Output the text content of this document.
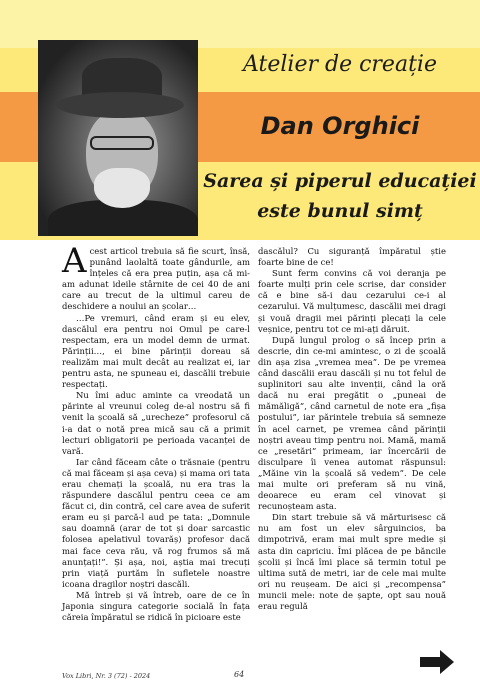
Atelier de creație
Dan Orghici
Sarea și piperul educației
este bunul simț

Acest articol trebuia să fie scurt, însă, punând laolaltă toate gândurile, am înțeles că era prea puțin, așa că mi-am adunat ideile stârnite de cei 40 de ani care au trecut de la ultimul careu de deschidere a noului an școlar…

…Pe vremuri, când eram și eu elev, dascălul era pentru noi Omul pe care-l respectam, era un model demn de urmat. Părinții…, ei bine părinții doreau să realizăm mai mult decât au realizat ei, iar pentru asta, ne spuneau ei, dascălii trebuie respectați.

Nu îmi aduc aminte ca vreodată un părinte al vreunui coleg de-al nostru să fi venit la școală să „urecheze” profesorul că i-a dat o notă prea mică sau că a primit lecturi obligatorii pe perioada vacanței de vară.

Iar când făceam câte o trăsnaie (pentru că mai făceam și așa ceva) și mama ori tata erau chemați la școală, nu era tras la răspundere dascălul pentru ceea ce am făcut ci, din contră, cel care avea de suferit eram eu și parcă-l aud pe tata: „Domnule sau doamnă (arar de tot și doar sarcastic folosea apelativul tovarăș) profesor dacă mai face ceva rău, vă rog frumos să mă anunțați!”. Și așa, noi, aștia mai trecuți prin viață purtăm în sufletele noastre icoana dragilor noștri dascăli.

Mă întreb și vă întreb, oare de ce în Japonia singura categorie socială în fața căreia împăratul se ridică în picioare este

dascălul? Cu siguranță împăratul știe foarte bine de ce!

Sunt ferm convins că voi deranja pe foarte mulți prin cele scrise, dar consider că e bine să-i dau cezarului ce-i al cezarului. Vă mulțumesc, dascălii mei dragi și vouă dragii mei părinți plecați la cele veșnice, pentru tot ce mi-ați dăruit.

După lungul prolog o să încep prin a descrie, din ce-mi amintesc, o zi de școală din așa zisa „vremea mea”. De pe vremea când dascălii erau dascăli și nu tot felul de suplinitori sau alte invenții, când la oră dacă nu erai pregătit o „puneai de mămăligă”, când carnetul de note era „fișa postului”, iar părintele trebuia să semneze în acel carnet, pe vremea când părinții noștri aveau timp pentru noi. Mamă, mamă ce „resetări” primeam, iar încercării de disculpare îi venea automat răspunsul: „Măine vin la școală să vedem”. De cele mai multe ori preferam să nu vină, deoarece eu eram cel vinovat și recunoșteam asta.

Din start trebuie să vă mărturisesc că nu am fost un elev sârguincios, ba dimpotrivă, eram mai mult spre medie și asta din capriciu. Îmi plăcea de pe băncile școlii și încă îmi place să termin totul pe ultima sută de metri, iar de cele mai multe ori nu reușeam. De aici și „recompensa” muncii mele: note de șapte, opt sau nouă erau regulă

Vox Libri, Nr. 3 (72) - 2024	64
